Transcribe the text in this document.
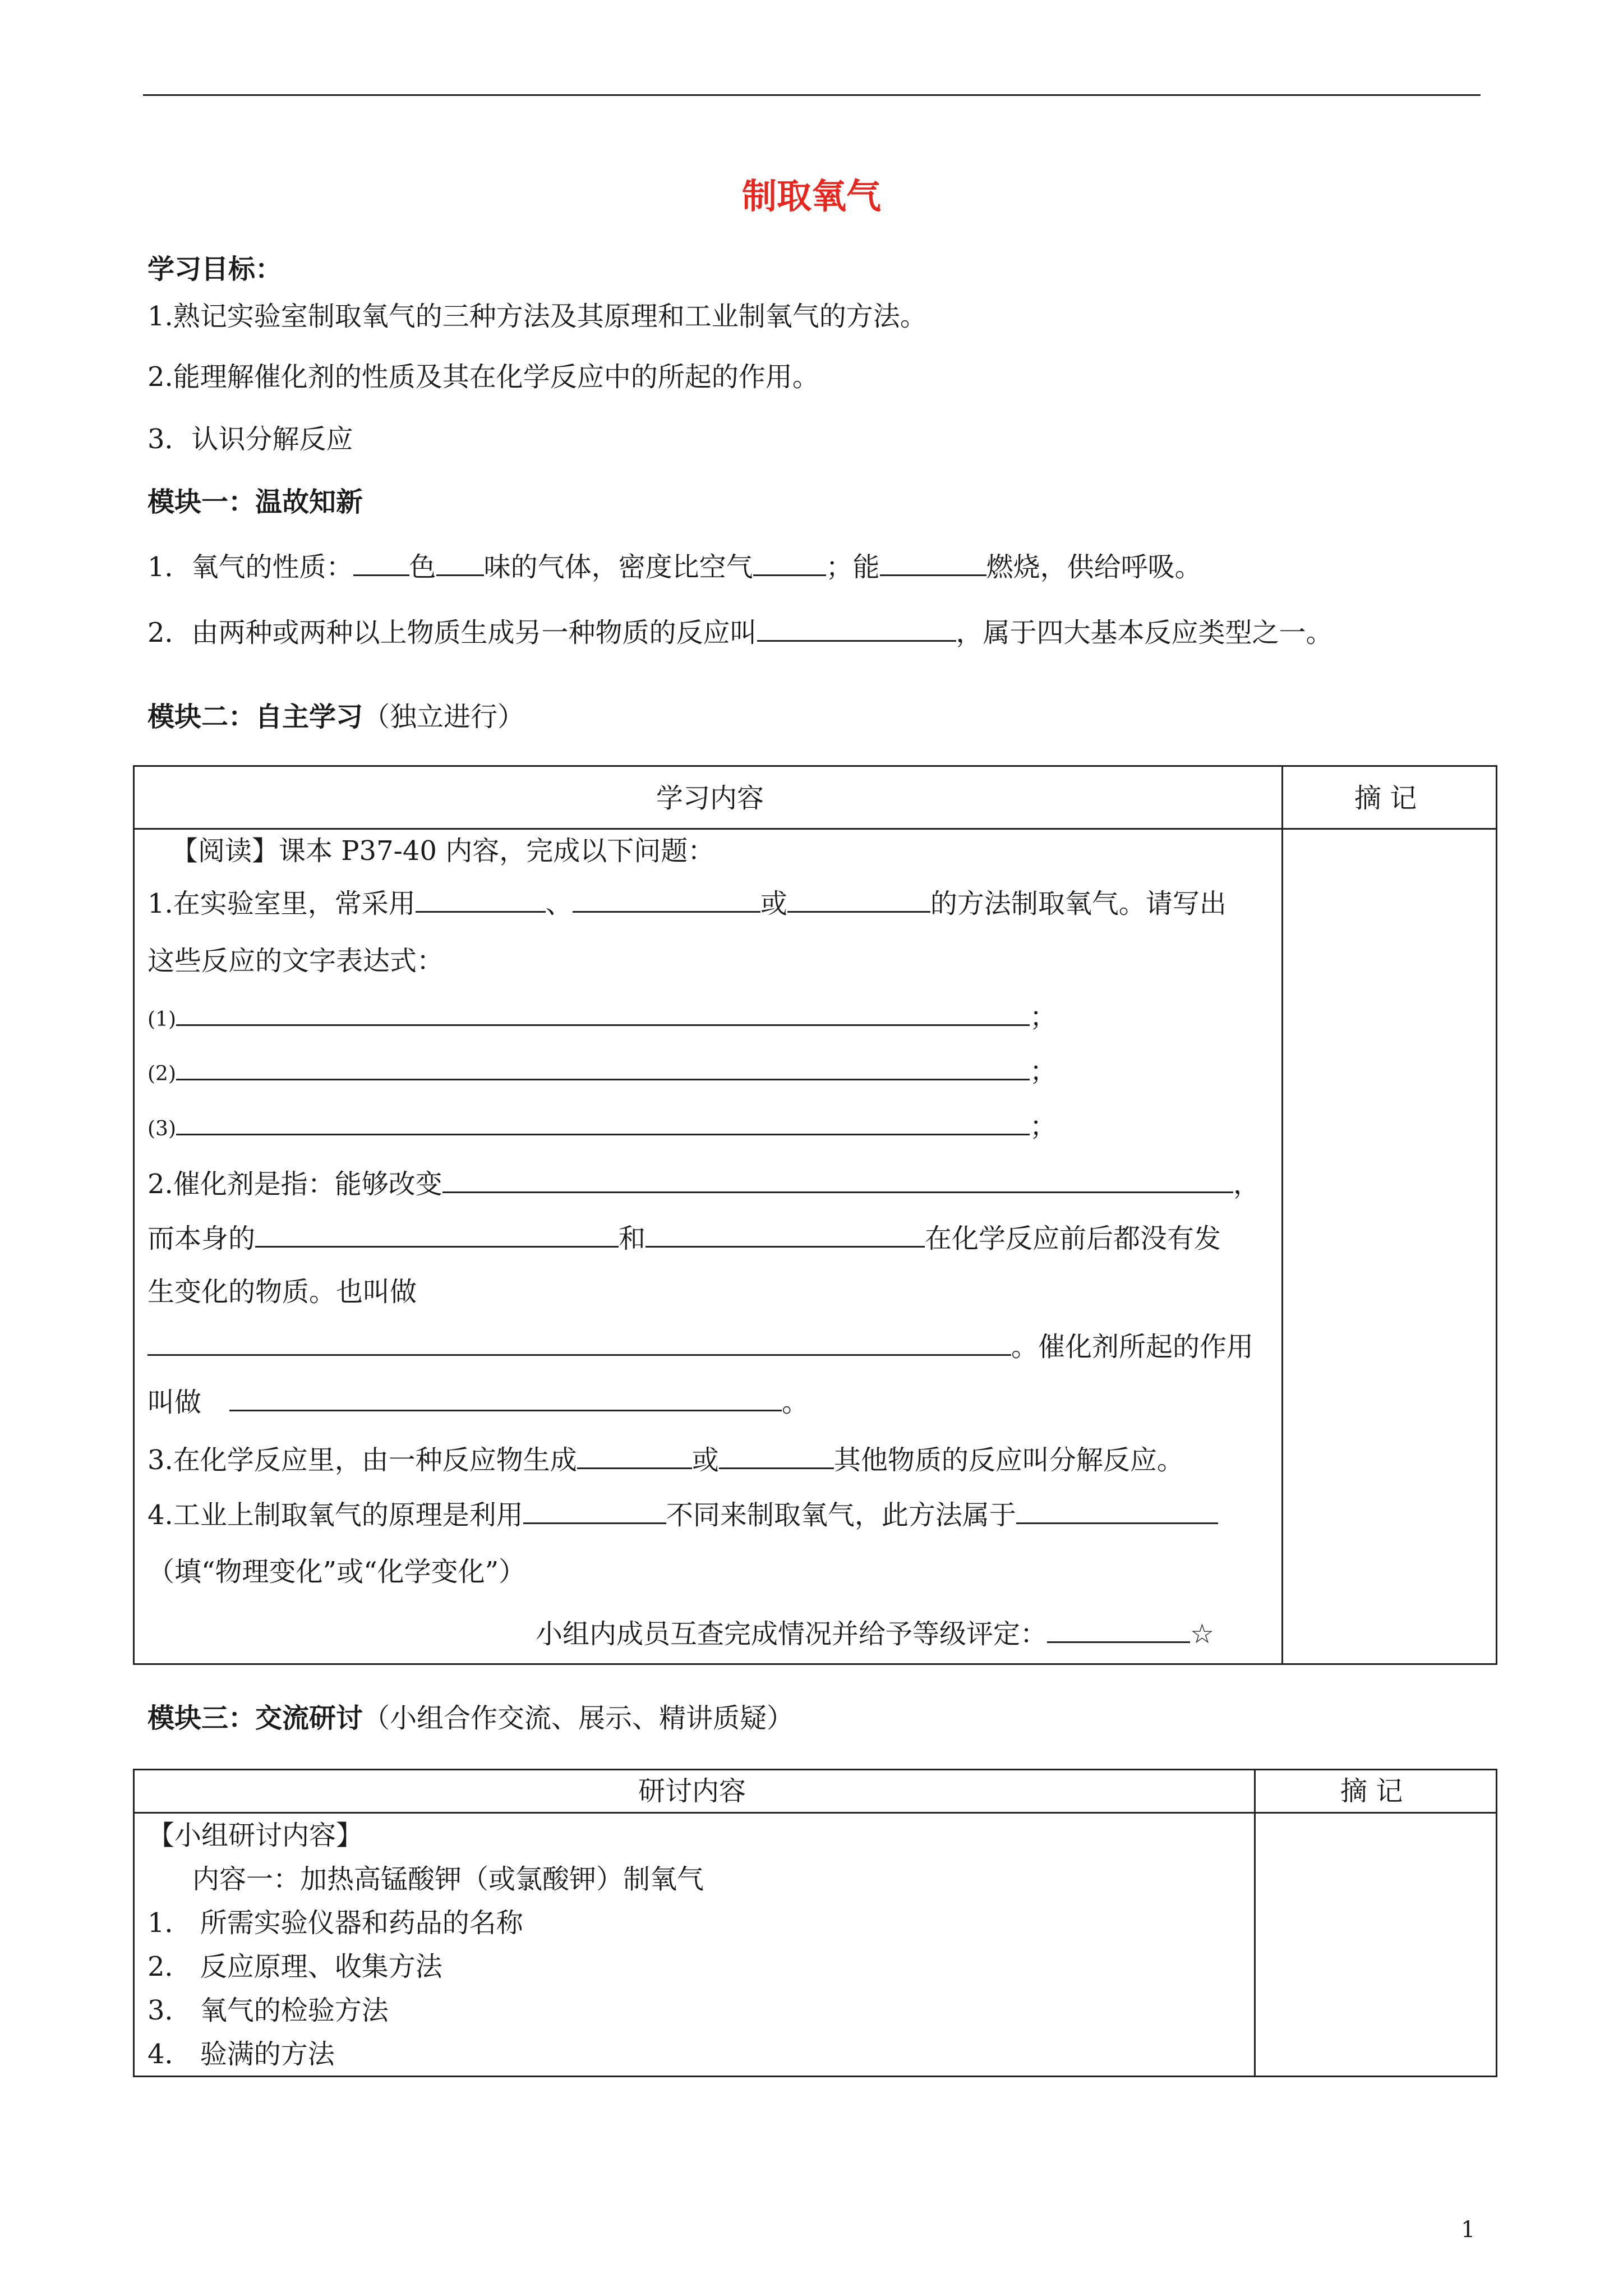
制取氧气
学习目标：
1.熟记实验室制取氧气的三种方法及其原理和工业制氧气的方法。
2.能理解催化剂的性质及其在化学反应中的所起的作用。
3．认识分解反应
模块一：温故知新
1．氧气的性质： 色 味的气体，密度比空气	；能	燃烧，供给呼吸。
2．由两种或两种以上物质生成另一种物质的反应叫	，属于四大基本反应类型之一。
模块二：自主学习（独立进行）
学习内容	摘 记
【阅读】课本 P37-40 内容，完成以下问题：
1.在实验室里，常采用	、	或	的方法制取氧气。请写出
这些反应的文字表达式：
(1)	；
(2)	；
(3)	；
2.催化剂是指：能够改变	，
而本身的	和	在化学反应前后都没有发
生变化的物质。也叫做
。催化剂所起的作用
叫做	。
3.在化学反应里，由一种反应物生成	或	其他物质的反应叫分解反应。
4.工业上制取氧气的原理是利用	不同来制取氧气，此方法属于
（填“物理变化”或“化学变化”）
小组内成员互查完成情况并给予等级评定：	☆
模块三：交流研讨（小组合作交流、展示、精讲质疑）
研讨内容	摘 记
【小组研讨内容】
内容一：加热高锰酸钾（或氯酸钾）制氧气
1． 所需实验仪器和药品的名称
2． 反应原理、收集方法
3． 氧气的检验方法
4． 验满的方法
1
